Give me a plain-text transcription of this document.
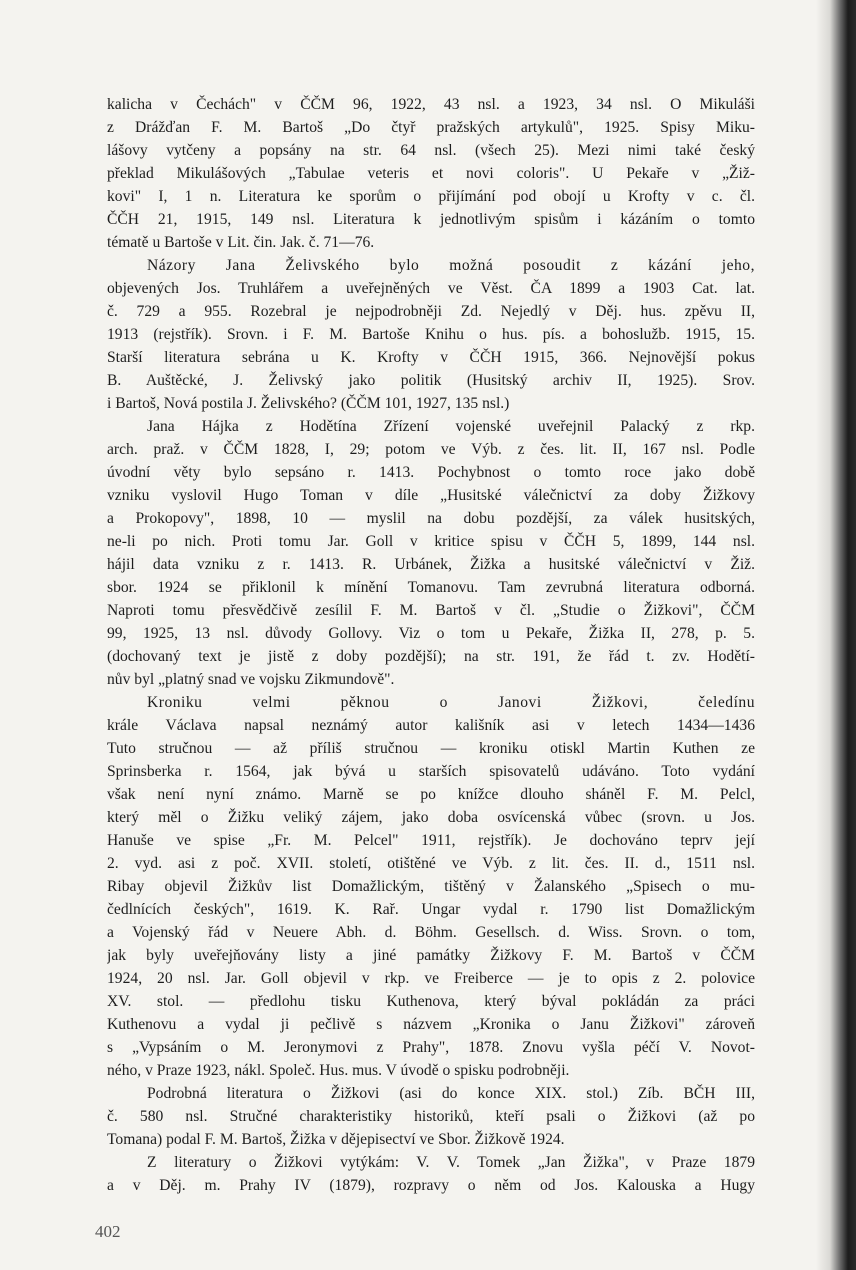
kalicha v Čechách" v ČČM 96, 1922, 43 nsl. a 1923, 34 nsl. O Mikuláši
z Drážďan F. M. Bartoš „Do čtyř pražských artykulů", 1925. Spisy Miku-
lášovy vytčeny a popsány na str. 64 nsl. (všech 25). Mezi nimi také český
překlad Mikulášových „Tabulae veteris et novi coloris". U Pekaře v „Žiž-
kovi" I, 1 n. Literatura ke sporům o přijímání pod obojí u Krofty v c. čl.
ČČH 21, 1915, 149 nsl. Literatura k jednotlivým spisům i kázáním o tomto
tématě u Bartoše v Lit. čin. Jak. č. 71—76.
Názory Jana Želivského bylo možná posoudit z kázání jeho,
objevených Jos. Truhlářem a uveřejněných ve Věst. ČA 1899 a 1903 Cat. lat.
č. 729 a 955. Rozebral je nejpodrobněji Zd. Nejedlý v Děj. hus. zpěvu II,
1913 (rejstřík). Srovn. i F. M. Bartoše Knihu o hus. pís. a bohoslužb. 1915, 15.
Starší literatura sebrána u K. Krofty v ČČH 1915, 366. Nejnovější pokus
B. Auštěcké, J. Želivský jako politik (Husitský archiv II, 1925). Srov.
i Bartoš, Nová postila J. Želivského? (ČČM 101, 1927, 135 nsl.)
Jana Hájka z Hodětína Zřízení vojenské uveřejnil Palacký z rkp.
arch. praž. v ČČM 1828, I, 29; potom ve Výb. z čes. lit. II, 167 nsl. Podle
úvodní věty bylo sepsáno r. 1413. Pochybnost o tomto roce jako době
vzniku vyslovil Hugo Toman v díle „Husitské válečnictví za doby Žižkovy
a Prokopovy", 1898, 10 — myslil na dobu pozdější, za válek husitských,
ne-li po nich. Proti tomu Jar. Goll v kritice spisu v ČČH 5, 1899, 144 nsl.
hájil data vzniku z r. 1413. R. Urbánek, Žižka a husitské válečnictví v Žiž.
sbor. 1924 se přiklonil k mínění Tomanovu. Tam zevrubná literatura odborná.
Naproti tomu přesvědčivě zesílil F. M. Bartoš v čl. „Studie o Žižkovi", ČČM
99, 1925, 13 nsl. důvody Gollovy. Viz o tom u Pekaře, Žižka II, 278, p. 5.
(dochovaný text je jistě z doby pozdější); na str. 191, že řád t. zv. Hodětí-
nův byl „platný snad ve vojsku Zikmundově".
Kroniku velmi pěknou o Janovi Žižkovi, čeledínu
krále Václava napsal neznámý autor kališník asi v letech 1434—1436
Tuto stručnou — až příliš stručnou — kroniku otiskl Martin Kuthen ze
Sprinsberka r. 1564, jak bývá u starších spisovatelů udáváno. Toto vydání
však není nyní známo. Marně se po knížce dlouho sháněl F. M. Pelcl,
který měl o Žižku veliký zájem, jako doba osvícenská vůbec (srovn. u Jos.
Hanuše ve spise „Fr. M. Pelcel" 1911, rejstřík). Je dochováno teprv její
2. vyd. asi z poč. XVII. století, otištěné ve Výb. z lit. čes. II. d., 1511 nsl.
Ribay objevil Žižkův list Domažlickým, tištěný v Žalanského „Spisech o mu-
čedlnících českých", 1619. K. Rař. Ungar vydal r. 1790 list Domažlickým
a Vojenský řád v Neuere Abh. d. Böhm. Gesellsch. d. Wiss. Srovn. o tom,
jak byly uveřejňovány listy a jiné památky Žižkovy F. M. Bartoš v ČČM
1924, 20 nsl. Jar. Goll objevil v rkp. ve Freiberce — je to opis z 2. polovice
XV. stol. — předlohu tisku Kuthenova, který býval pokládán za práci
Kuthenovu a vydal ji pečlivě s názvem „Kronika o Janu Žižkovi" zároveň
s „Vypsáním o M. Jeronymovi z Prahy", 1878. Znovu vyšla péčí V. Novot-
ného, v Praze 1923, nákl. Společ. Hus. mus. V úvodě o spisku podrobněji.
Podrobná literatura o Žižkovi (asi do konce XIX. stol.) Zíb. BČH III,
č. 580 nsl. Stručné charakteristiky historiků, kteří psali o Žižkovi (až po
Tomana) podal F. M. Bartoš, Žižka v dějepisectví ve Sbor. Žižkově 1924.
Z literatury o Žižkovi vytýkám: V. V. Tomek „Jan Žižka", v Praze 1879
a v Děj. m. Prahy IV (1879), rozpravy o něm od Jos. Kalouska a Hugy
402
